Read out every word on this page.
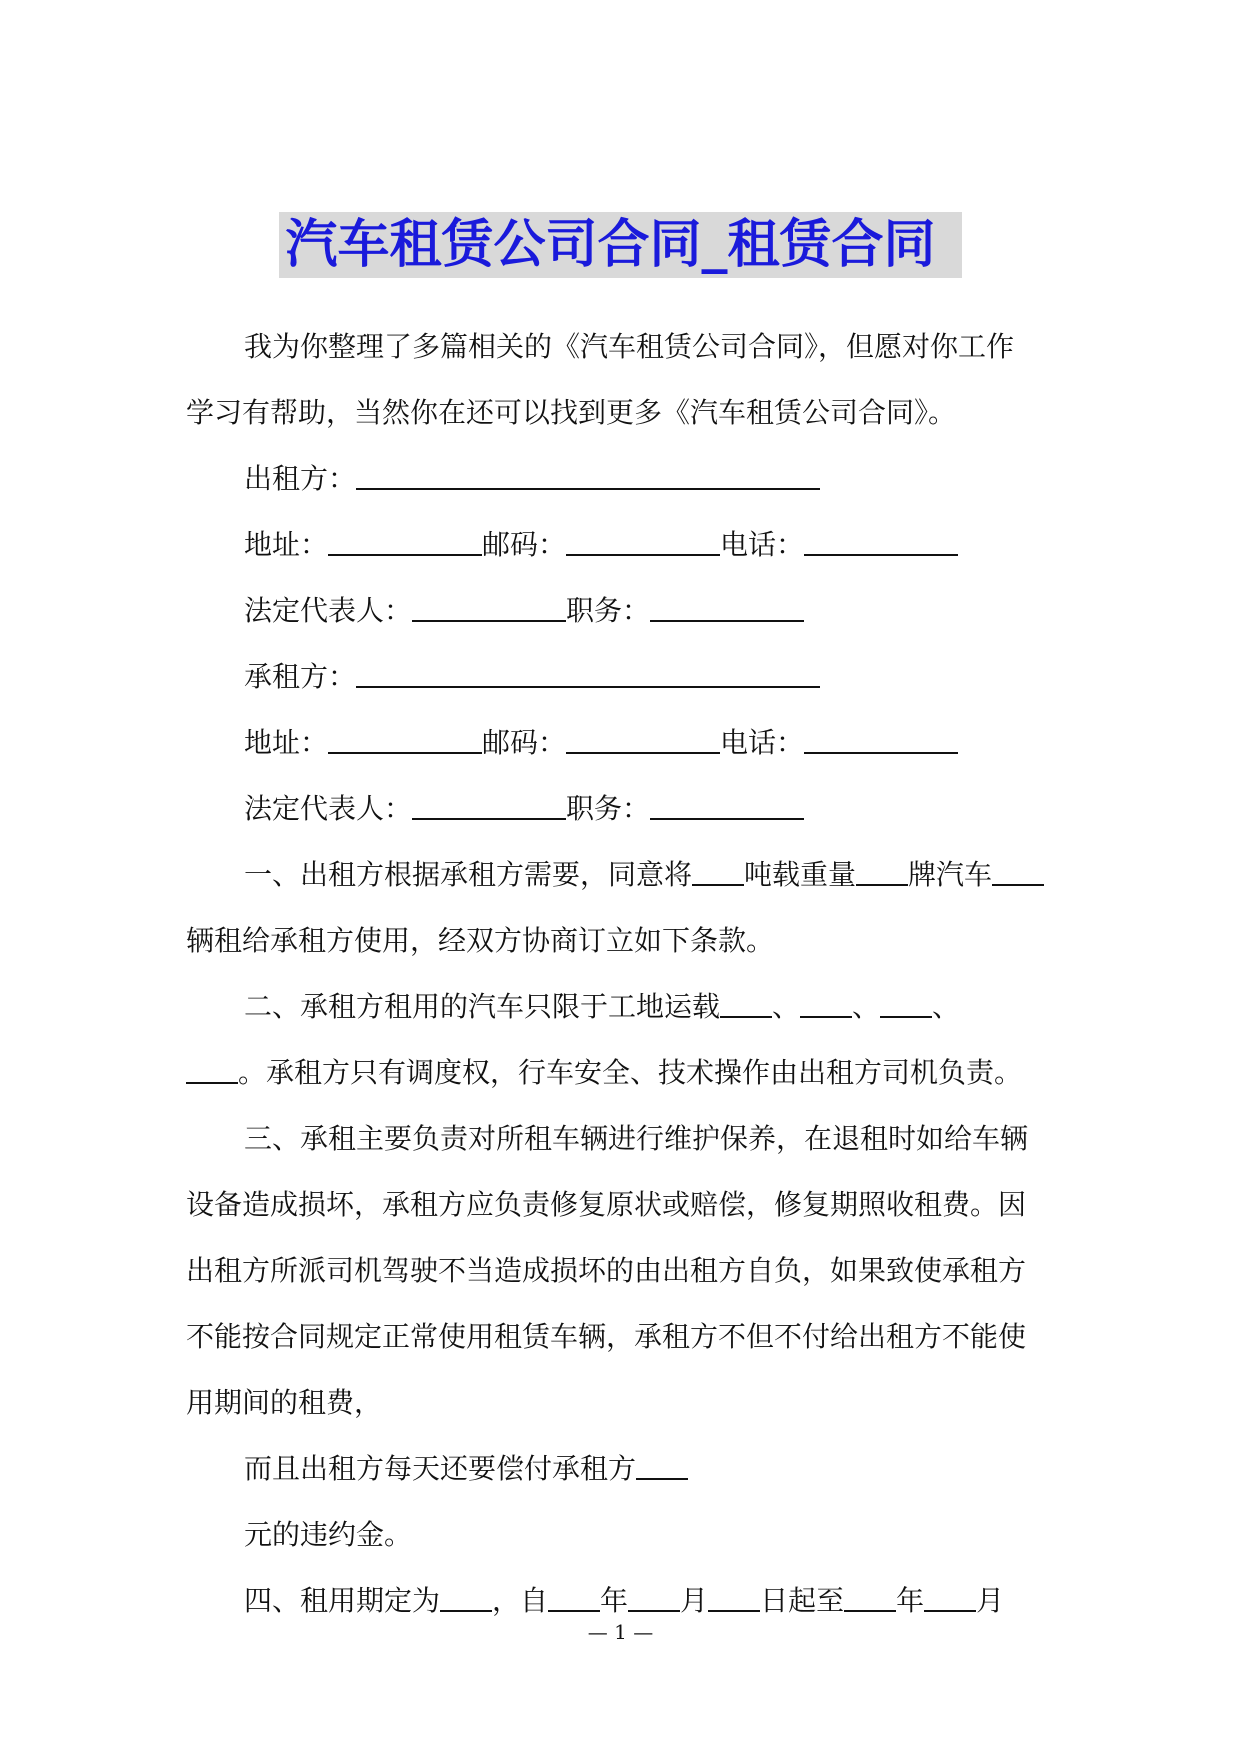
汽车租赁公司合同_租赁合同

我为你整理了多篇相关的《汽车租赁公司合同》，但愿对你工作

学习有帮助，当然你在还可以找到更多《汽车租赁公司合同》。

出租方：

地址：	邮码：	电话：

法定代表人：	职务：

承租方：

地址：	邮码：	电话：

法定代表人：	职务：

一、出租方根据承租方需要，同意将 吨载重量 牌汽车

辆租给承租方使用，经双方协商订立如下条款。

二、承租方租用的汽车只限于工地运载 、 、 、

。承租方只有调度权，行车安全、技术操作由出租方司机负责。

三、承租主要负责对所租车辆进行维护保养，在退租时如给车辆

设备造成损坏，承租方应负责修复原状或赔偿，修复期照收租费。因

出租方所派司机驾驶不当造成损坏的由出租方自负，如果致使承租方

不能按合同规定正常使用租赁车辆，承租方不但不付给出租方不能使

用期间的租费，

而且出租方每天还要偿付承租方

元的违约金。

四、租用期定为 ，自 年 月 日起至 年 月

— 1 —
